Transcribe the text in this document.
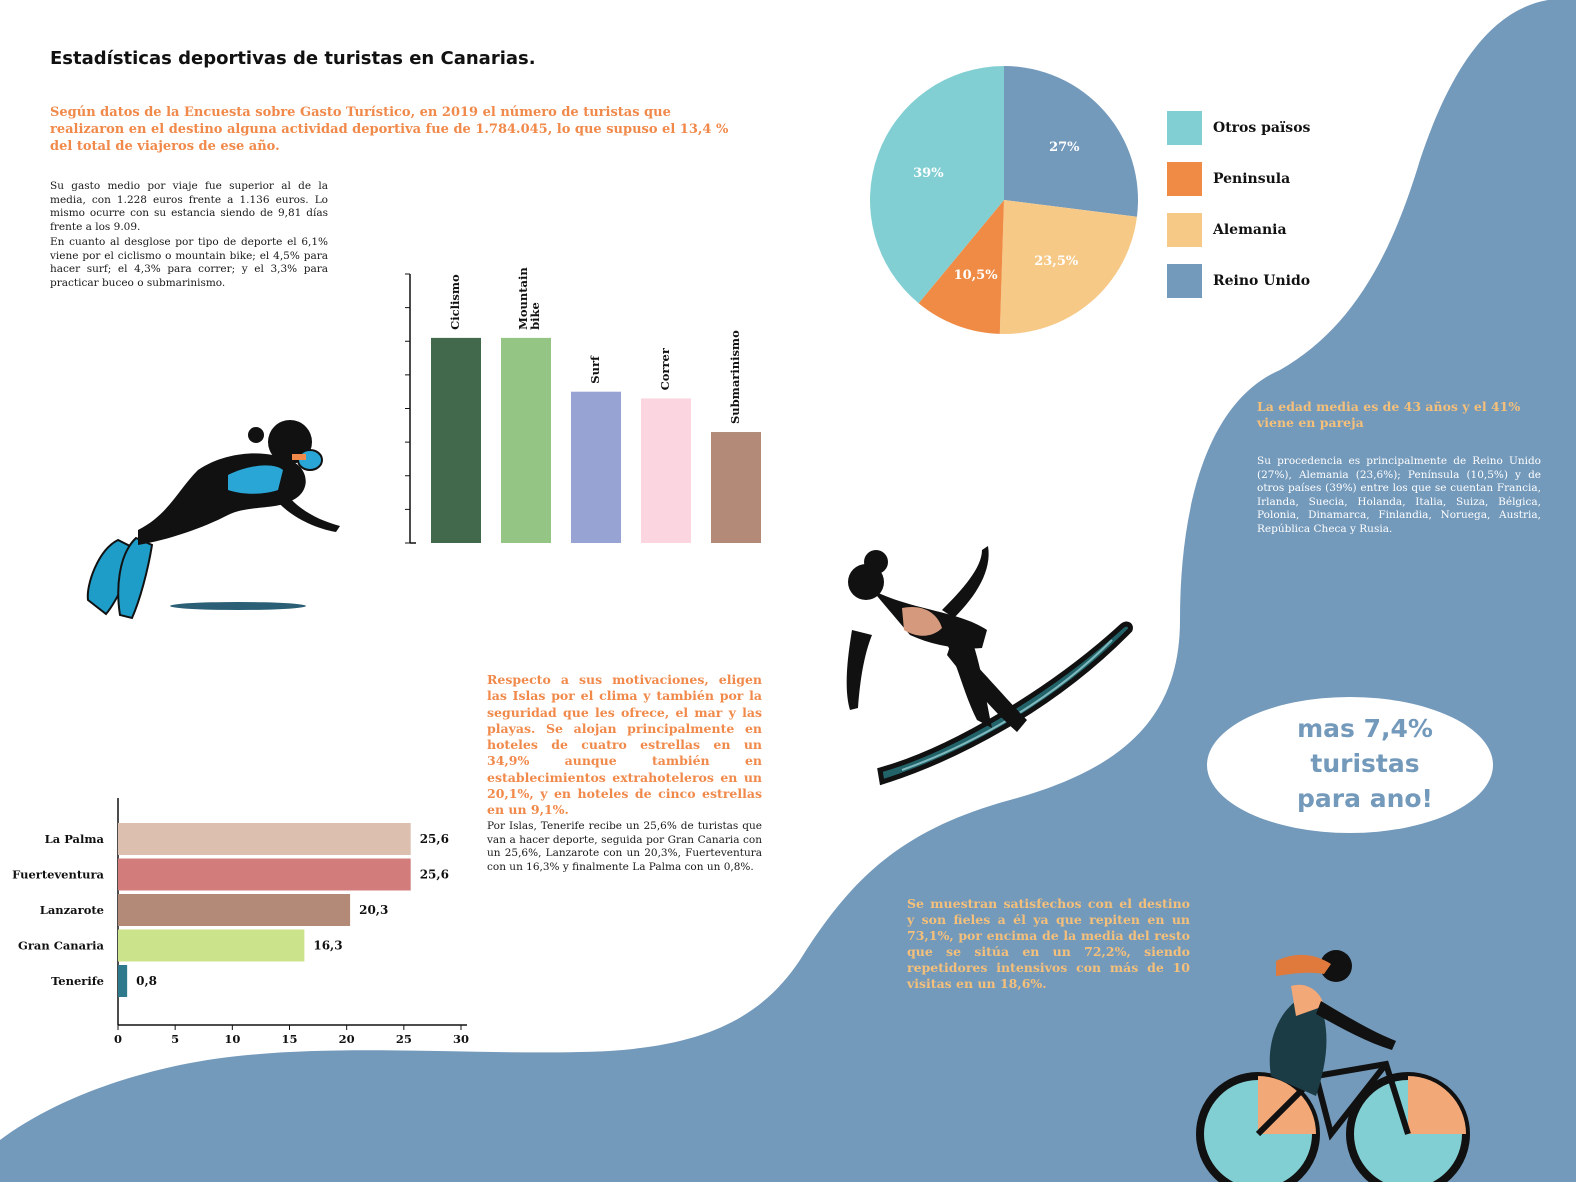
Estadísticas deportivas de turistas en Canarias.
Según datos de la Encuesta sobre Gasto Turístico, en 2019 el número de turistas que realizaron en el destino alguna actividad deportiva fue de 1.784.045, lo que supuso el 13,4 % del total de viajeros de ese año.
Su gasto medio por viaje fue superior al de la media, con 1.228 euros frente a 1.136 euros. Lo mismo ocurre con su estancia siendo de 9,81 días frente a los 9.09.
En cuanto al desglose por tipo de deporte el 6,1% viene por el ciclismo o mountain bike; el 4,5% para hacer surf; el 4,3% para correr; y el 3,3% para practicar buceo o submarinismo.
Respecto a sus motivaciones, eligen las Islas por el clima y también por la seguridad que les ofrece, el mar y las playas. Se alojan principalmente en hoteles de cuatro estrellas en un 34,9% aunque también en establecimientos extrahoteleros en un 20,1%, y en hoteles de cinco estrellas en un 9,1%.
Por Islas, Tenerife recibe un 25,6% de turistas que van a hacer deporte, seguida por Gran Canaria con un 25,6%, Lanzarote con un 20,3%, Fuerteventura con un 16,3% y finalmente La Palma con un 0,8%.
La edad media es de 43 años y el 41% viene en pareja
Su procedencia es principalmente de Reino Unido (27%), Alemania (23,6%); Península (10,5%) y de otros países (39%) entre los que se cuentan Francia, Irlanda, Suecia, Holanda, Italia, Suiza, Bélgica, Polonia, Dinamarca, Finlandia, Noruega, Austria, República Checa y Rusia.
Se muestran satisfechos con el destino y son fieles a él ya que repiten en un 73,1%, por encima de la media del resto que se sitúa en un 72,2%, siendo repetidores intensivos con más de 10 visitas en un 18,6%.
27%
23,5%
10,5%
39%
Otros països
Peninsula
Alemania
Reino Unido
Ciclismo	Mountainbike
Surf	Correr	Submarinismo
0	5	10	15	20	25	30
La Palma	25,6
Fuerteventura	25,6
Lanzarote	20,3
Gran Canaria	16,3
Tenerife	0,8
mas 7,4%
turistas
para ano!
